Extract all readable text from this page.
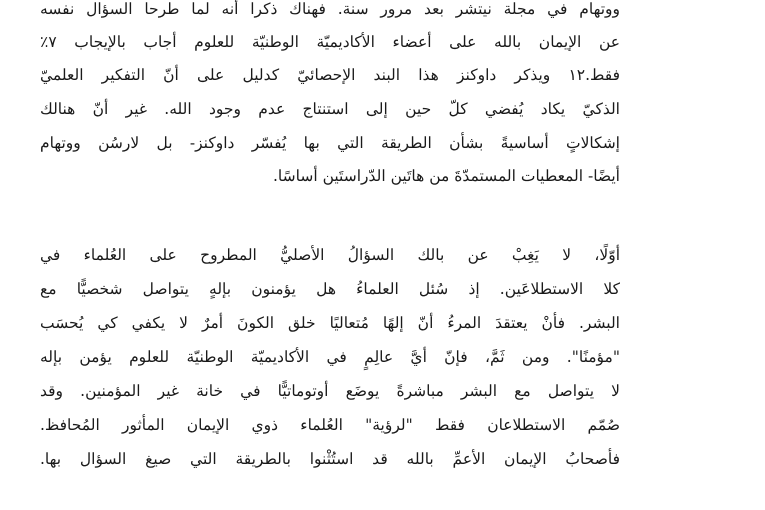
ووتهام في مجلة نيتشر بعد مرور سنة. فهناك ذكرا أنه لما طرحا السؤال نفسه
عن الإيمان بالله على أعضاء الأكاديميّة الوطنيّة للعلوم أجاب بالإيجاب ٧٪
فقط.١٢ ويذكر داوكنز هذا البند الإحصائيّ كدليل على أنّ التفكير العلميّ
الذكيّ يكاد يُفضي كلّ حين إلى استنتاج عدم وجود الله. غير أنّ هنالك
إشكالاتٍ أساسيةً بشأن الطريقة التي بها يُفسّر داوكنز- بل لارسُن ووتهام
أيضًا- المعطيات المستمدّةَ من هاتَين الدّراستَين أساسًا.
أوّلًا، لا يَغِبْ عن بالك السؤالُ الأصليُّ المطروح على العُلماء في
كلا الاستطلاعَين. إذ سُئل العلماءُ هل يؤمنون بإلهٍ يتواصل شخصيًّا مع
البشر. فأنْ يعتقدَ المرءُ أنّ إلهًا مُتعاليًا خلق الكونَ أمرٌ لا يكفي كي يُحسَب
"مؤمنًا". ومن ثَمَّ، فإنّ أيَّ عالِمٍ في الأكاديميّة الوطنيّة للعلوم يؤمن بإله
لا يتواصل مع البشر مباشرةً يوضَع أوتوماتيًّا في خانة غير المؤمنين. وقد
صُمّم الاستطلاعان فقط "لرؤية" العُلماء ذوي الإيمان المأثور المُحافظ.
فأصحابُ الإيمان الأعمِّ بالله قد استُثْنوا بالطريقة التي صيغ السؤال بها.
